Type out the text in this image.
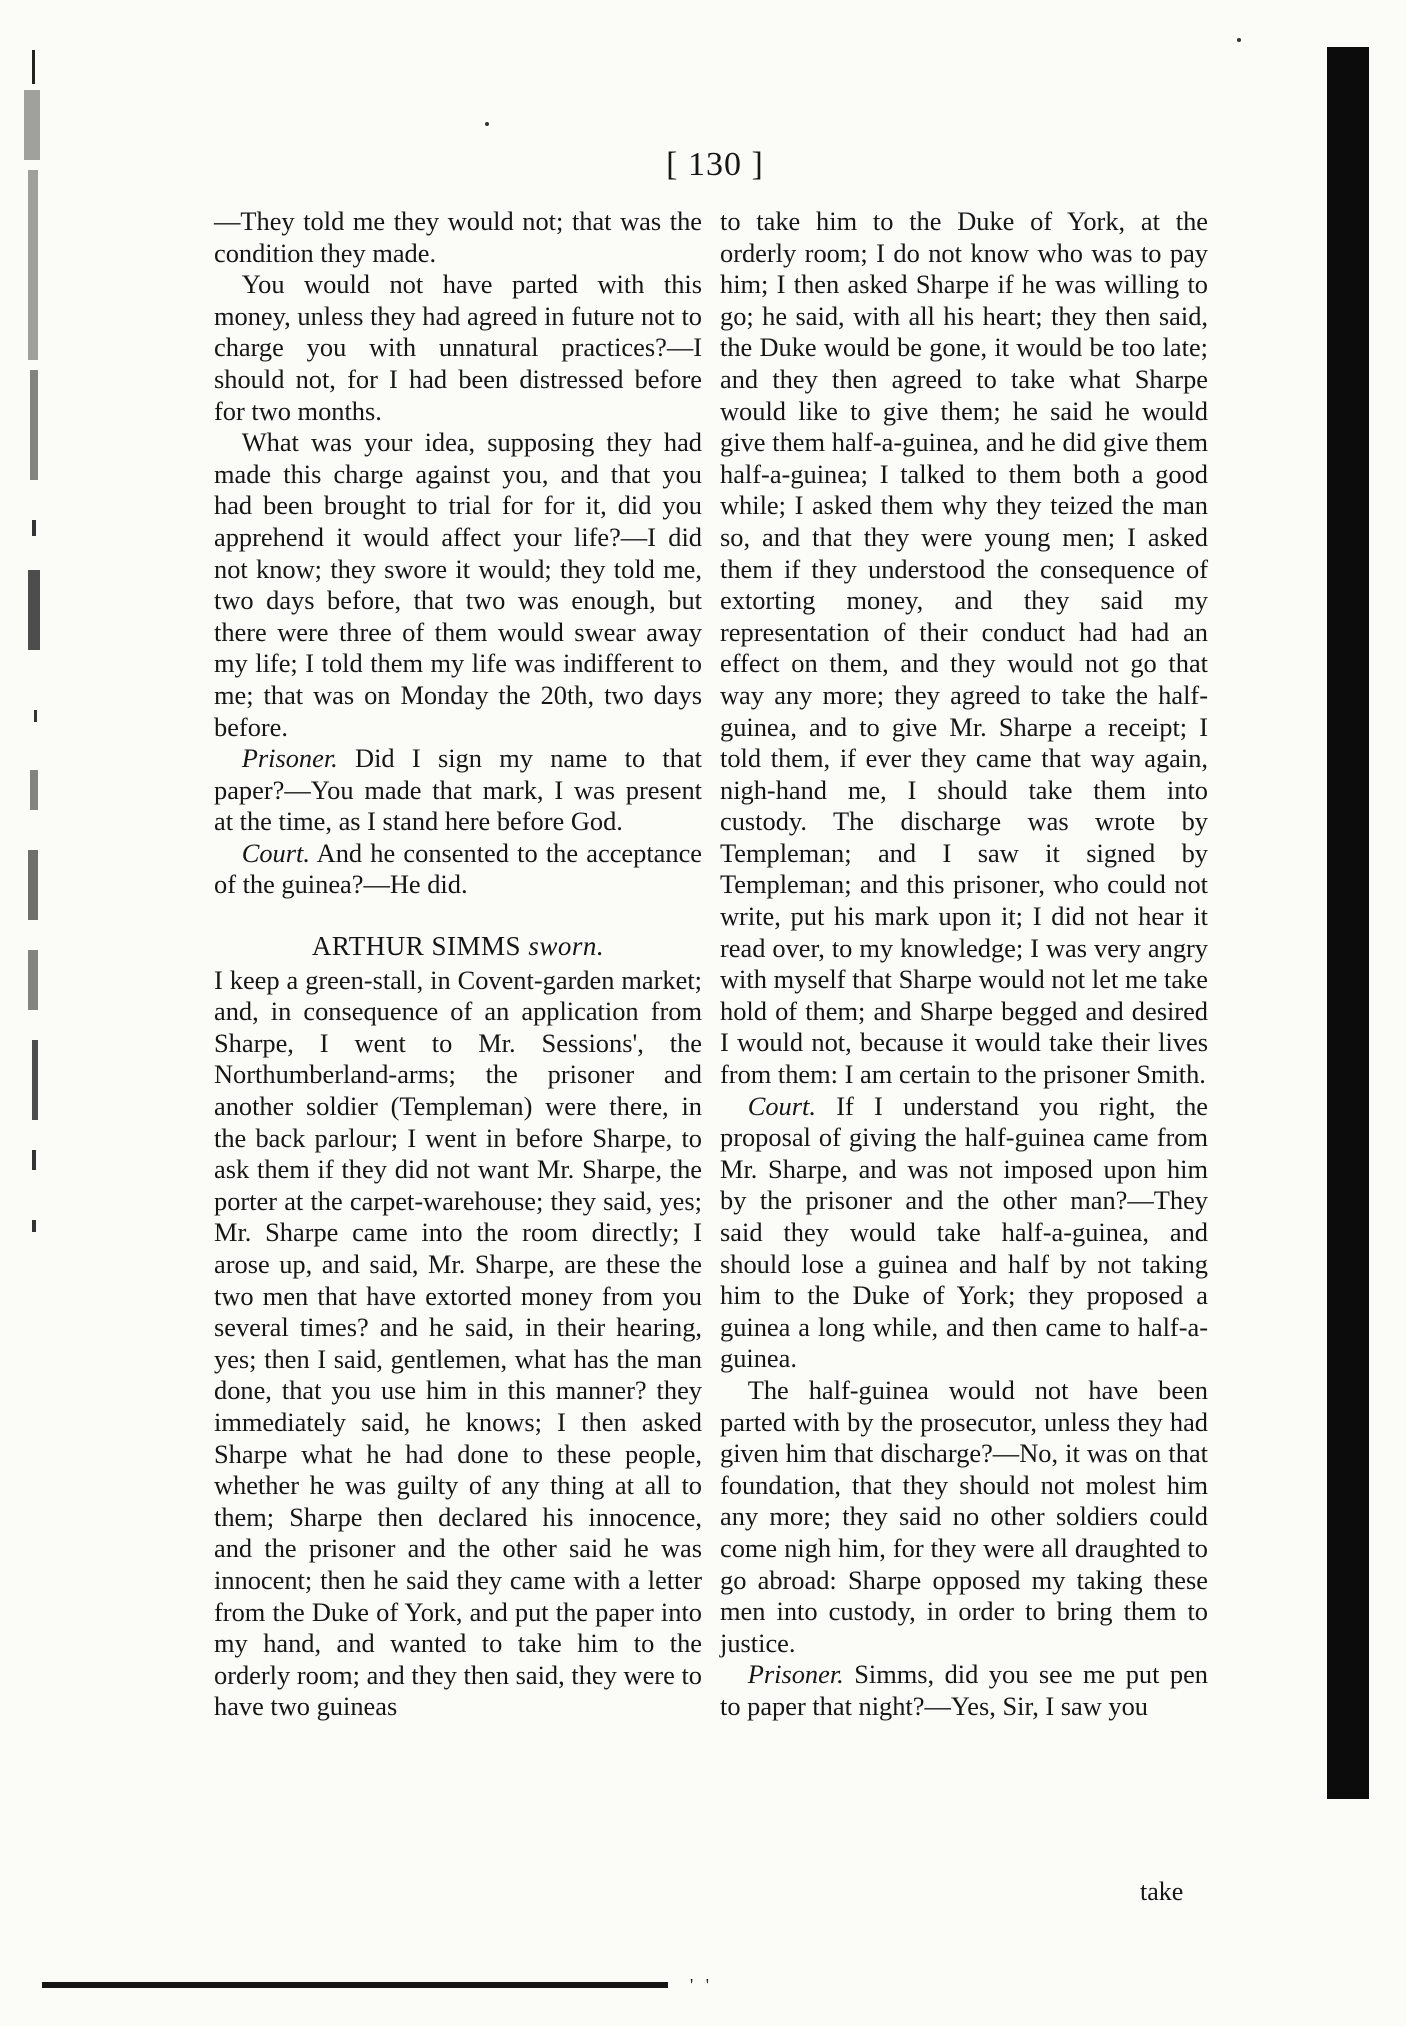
' '
[ 130 ]

—They told me they would not; that was the condition they made.

You would not have parted with this money, unless they had agreed in future not to charge you with unnatural practices?—I should not, for I had been distressed before for two months.

What was your idea, supposing they had made this charge against you, and that you had been brought to trial for for it, did you apprehend it would affect your life?—I did not know; they swore it would; they told me, two days before, that two was enough, but there were three of them would swear away my life; I told them my life was indifferent to me; that was on Monday the 20th, two days before.

Prisoner. Did I sign my name to that paper?—You made that mark, I was present at the time, as I stand here before God.

Court. And he consented to the acceptance of the guinea?—He did.

ARTHUR SIMMS sworn.

I keep a green-stall, in Covent-garden market; and, in consequence of an application from Sharpe, I went to Mr. Sessions', the Northumberland-arms; the prisoner and another soldier (Templeman) were there, in the back parlour; I went in before Sharpe, to ask them if they did not want Mr. Sharpe, the porter at the carpet-warehouse; they said, yes; Mr. Sharpe came into the room directly; I arose up, and said, Mr. Sharpe, are these the two men that have extorted money from you several times? and he said, in their hearing, yes; then I said, gentlemen, what has the man done, that you use him in this manner? they immediately said, he knows; I then asked Sharpe what he had done to these people, whether he was guilty of any thing at all to them; Sharpe then declared his innocence, and the prisoner and the other said he was innocent; then he said they came with a letter from the Duke of York, and put the paper into my hand, and wanted to take him to the orderly room; and they then said, they were to have two guineas

to take him to the Duke of York, at the orderly room; I do not know who was to pay him; I then asked Sharpe if he was willing to go; he said, with all his heart; they then said, the Duke would be gone, it would be too late; and they then agreed to take what Sharpe would like to give them; he said he would give them half-a-guinea, and he did give them half-a-guinea; I talked to them both a good while; I asked them why they teized the man so, and that they were young men; I asked them if they understood the consequence of extorting money, and they said my representation of their conduct had had an effect on them, and they would not go that way any more; they agreed to take the half-guinea, and to give Mr. Sharpe a receipt; I told them, if ever they came that way again, nigh-hand me, I should take them into custody. The discharge was wrote by Templeman; and I saw it signed by Templeman; and this prisoner, who could not write, put his mark upon it; I did not hear it read over, to my knowledge; I was very angry with myself that Sharpe would not let me take hold of them; and Sharpe begged and desired I would not, because it would take their lives from them: I am certain to the prisoner Smith.

Court. If I understand you right, the proposal of giving the half-guinea came from Mr. Sharpe, and was not imposed upon him by the prisoner and the other man?—They said they would take half-a-guinea, and should lose a guinea and half by not taking him to the Duke of York; they proposed a guinea a long while, and then came to half-a-guinea.

The half-guinea would not have been parted with by the prosecutor, unless they had given him that discharge?—No, it was on that foundation, that they should not molest him any more; they said no other soldiers could come nigh him, for they were all draughted to go abroad: Sharpe opposed my taking these men into custody, in order to bring them to justice.

Prisoner. Simms, did you see me put pen to paper that night?—Yes, Sir, I saw you

take
